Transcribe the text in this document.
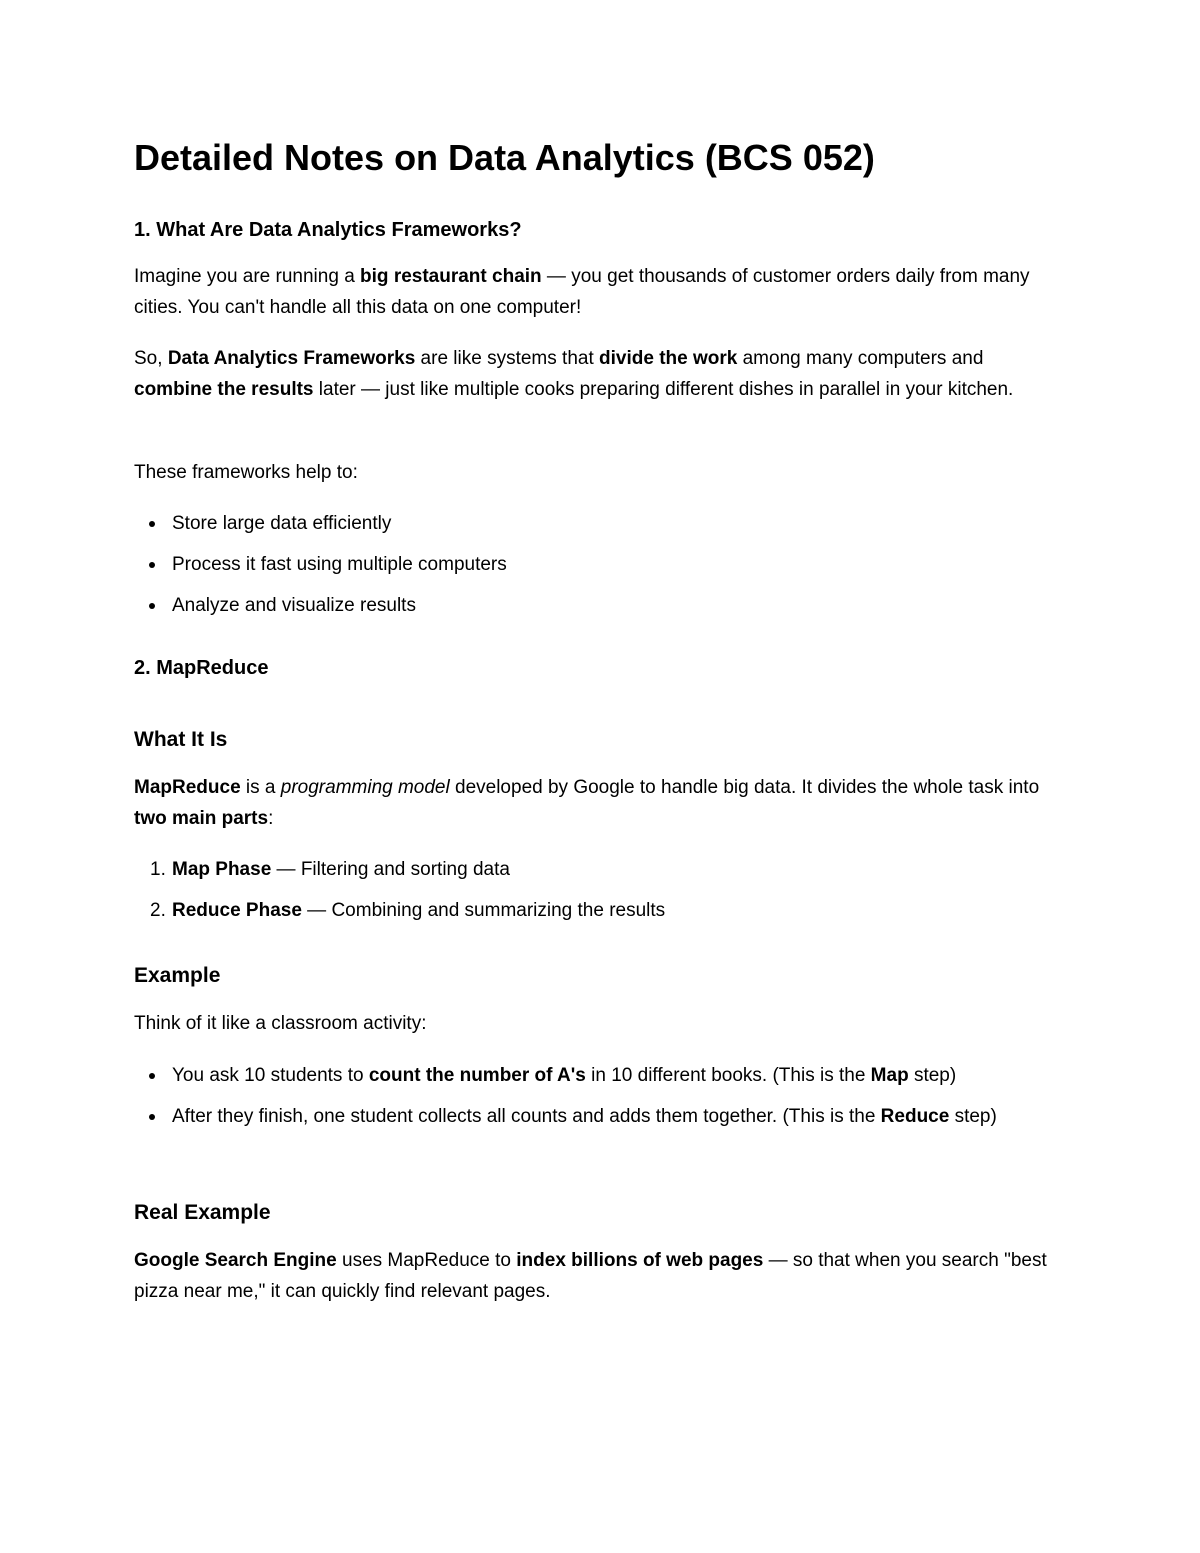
Detailed Notes on Data Analytics (BCS 052)
1. What Are Data Analytics Frameworks?

Imagine you are running a big restaurant chain — you get thousands of customer orders daily from many cities. You can't handle all this data on one computer!

So, Data Analytics Frameworks are like systems that divide the work among many computers and combine the results later — just like multiple cooks preparing different dishes in parallel in your kitchen.

These frameworks help to:

Store large data efficiently
Process it fast using multiple computers
Analyze and visualize results
2. MapReduce
What It Is

MapReduce is a programming model developed by Google to handle big data. It divides the whole task into two main parts:

1. Map Phase — Filtering and sorting data
2. Reduce Phase — Combining and summarizing the results
Example

Think of it like a classroom activity:

You ask 10 students to count the number of A's in 10 different books. (This is the Map step)
After they finish, one student collects all counts and adds them together. (This is the Reduce step)
Real Example

Google Search Engine uses MapReduce to index billions of web pages — so that when you search "best pizza near me," it can quickly find relevant pages.
